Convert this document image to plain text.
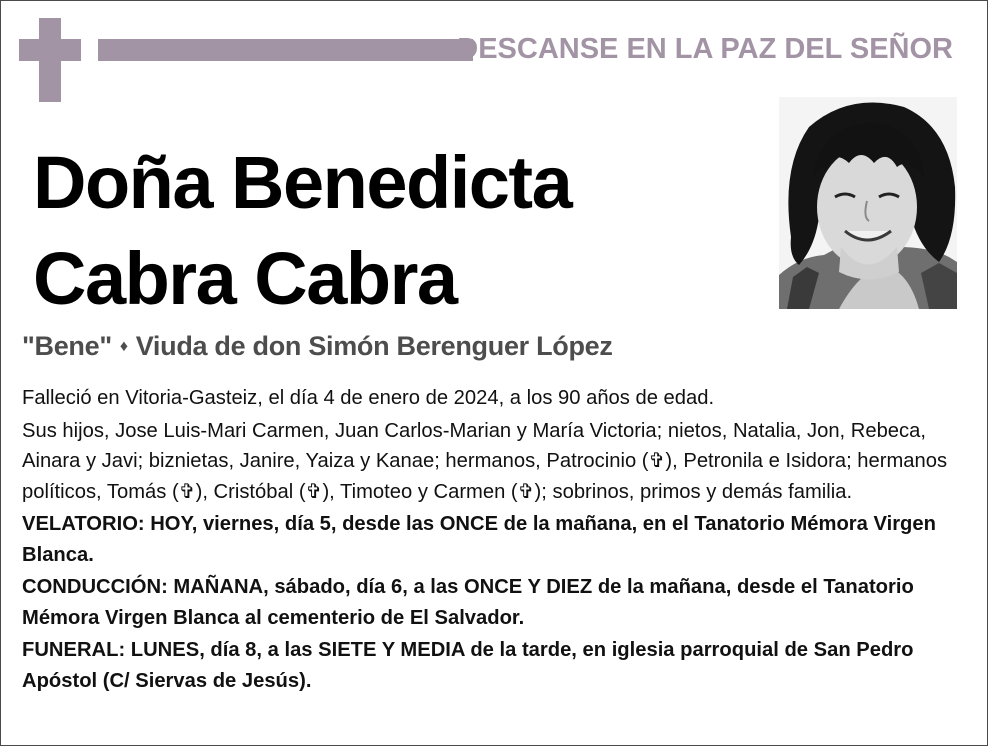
DESCANSE EN LA PAZ DEL SEÑOR
Doña Benedicta
Cabra Cabra
"Bene" ♦ Viuda de don Simón Berenguer López

Falleció en Vitoria-Gasteiz, el día 4 de enero de 2024, a los 90 años de edad.

Sus hijos, Jose Luis-Mari Carmen, Juan Carlos-Marian y María Victoria; nietos, Natalia, Jon, Rebeca, Ainara y Javi; biznietas, Janire, Yaiza y Kanae; hermanos, Patrocinio (✞), Petronila e Isidora; hermanos políticos, Tomás (✞), Cristóbal (✞), Timoteo y Carmen (✞); sobrinos, primos y demás familia.

VELATORIO: HOY, viernes, día 5, desde las ONCE de la mañana, en el Tanatorio Mémora Virgen Blanca.

CONDUCCIÓN: MAÑANA, sábado, día 6, a las ONCE Y DIEZ de la mañana, desde el Tanatorio Mémora Virgen Blanca al cementerio de El Salvador.

FUNERAL: LUNES, día 8, a las SIETE Y MEDIA de la tarde, en iglesia parroquial de San Pedro Apóstol (C/ Siervas de Jesús).
